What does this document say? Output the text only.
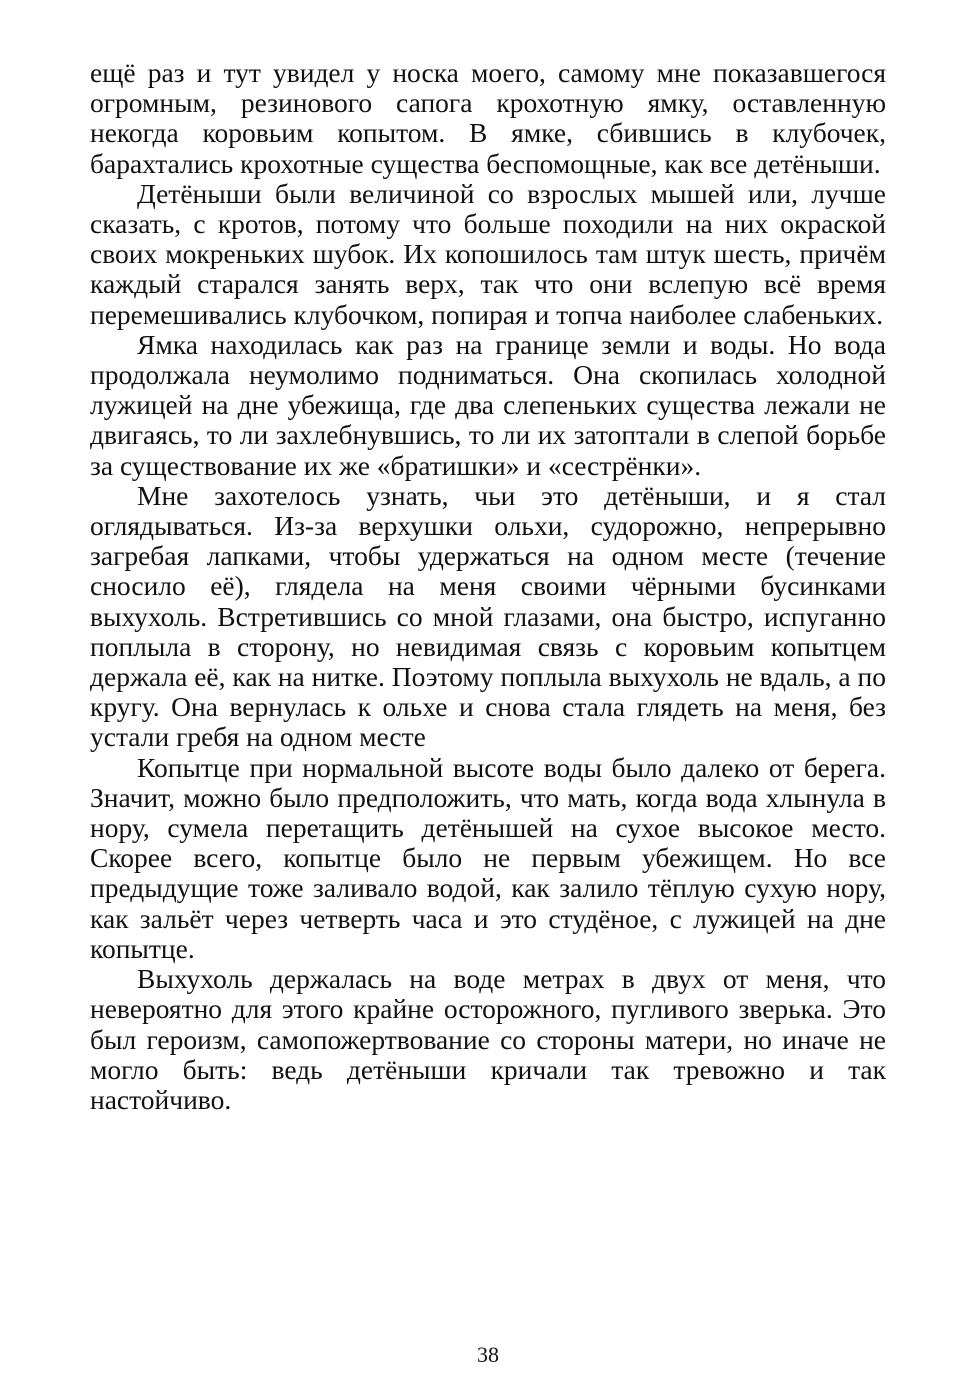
ещё раз и тут увидел у носка моего, самому мне показавшегося огромным, резинового сапога крохотную ямку, оставленную некогда коровьим копытом. В ямке, сбившись в клубочек, барахтались крохотные существа беспомощные, как все детёныши.

Детёныши были величиной со взрослых мышей или, лучше сказать, с кротов, потому что больше походили на них окраской своих мокреньких шубок. Их копошилось там штук шесть, причём каждый старался занять верх, так что они вслепую всё время перемешивались клубочком, попирая и топча наиболее слабеньких.

Ямка находилась как раз на границе земли и воды. Но вода продолжала неумолимо подниматься. Она скопилась холодной лужицей на дне убежища, где два слепеньких существа лежали не двигаясь, то ли захлебнувшись, то ли их затоптали в слепой борьбе за существование их же «братишки» и «сестрёнки».

Мне захотелось узнать, чьи это детёныши, и я стал оглядываться. Из-за верхушки ольхи, судорожно, непрерывно загребая лапками, чтобы удержаться на одном месте (течение сносило её), глядела на меня своими чёрными бусинками выхухоль. Встретившись со мной глазами, она быстро, испуганно поплыла в сторону, но невидимая связь с коровьим копытцем держала её, как на нитке. Поэтому поплыла выхухоль не вдаль, а по кругу. Она вернулась к ольхе и снова стала глядеть на меня, без устали гребя на одном месте

Копытце при нормальной высоте воды было далеко от берега. Значит, можно было предположить, что мать, когда вода хлынула в нору, сумела перетащить детёнышей на сухое высокое место. Скорее всего, копытце было не первым убежищем. Но все предыдущие тоже заливало водой, как залило тёплую сухую нору, как зальёт через четверть часа и это студёное, с лужицей на дне копытце.

Выхухоль держалась на воде метрах в двух от меня, что невероятно для этого крайне осторожного, пугливого зверька. Это был героизм, самопожертвование со стороны матери, но иначе не могло быть: ведь детёныши кричали так тревожно и так настойчиво.

38
